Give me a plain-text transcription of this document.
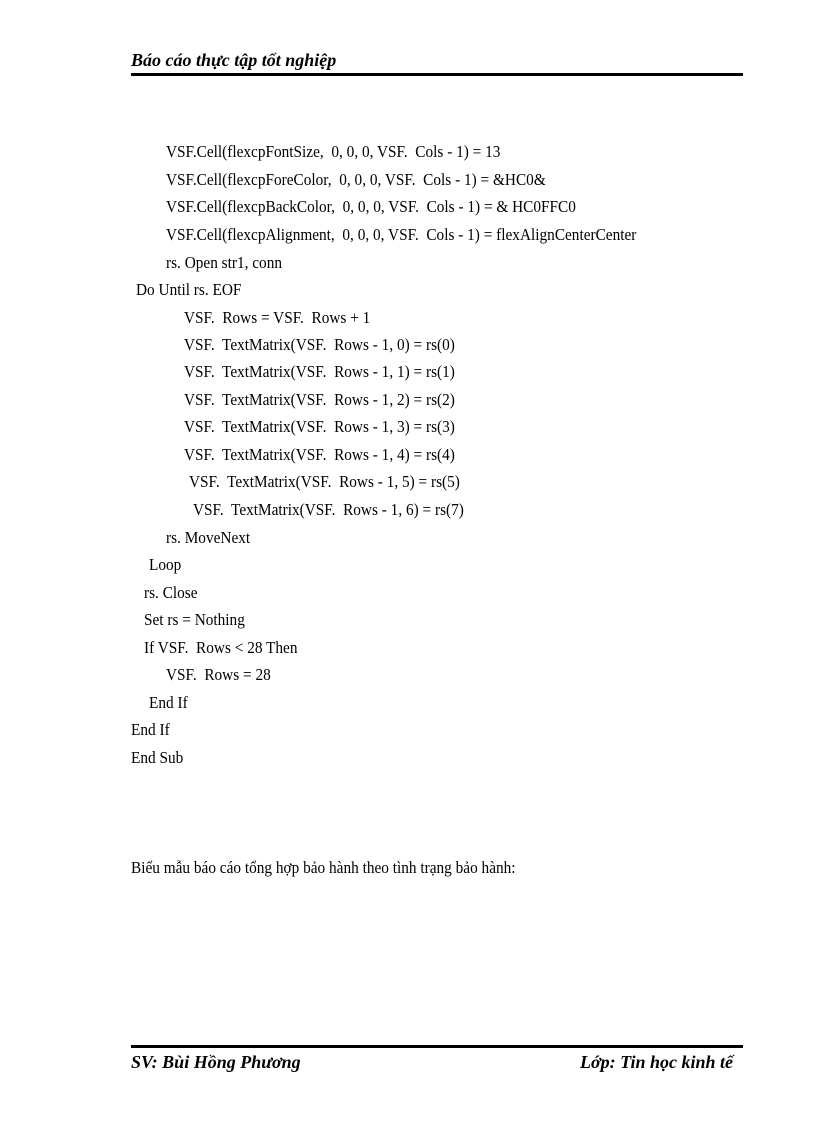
Báo cáo thực tập tốt nghiệp
VSF.Cell(flexcpFontSize,  0, 0, 0, VSF.  Cols - 1) = 13
VSF.Cell(flexcpForeColor,  0, 0, 0, VSF.  Cols - 1) = &HC0&
VSF.Cell(flexcpBackColor,  0, 0, 0, VSF.  Cols - 1) = & HC0FFC0
VSF.Cell(flexcpAlignment,  0, 0, 0, VSF.  Cols - 1) = flexAlignCenterCenter
rs. Open str1, conn
Do Until rs. EOF
VSF.  Rows = VSF.  Rows + 1
VSF.  TextMatrix(VSF.  Rows - 1, 0) = rs(0)
VSF.  TextMatrix(VSF.  Rows - 1, 1) = rs(1)
VSF.  TextMatrix(VSF.  Rows - 1, 2) = rs(2)
VSF.  TextMatrix(VSF.  Rows - 1, 3) = rs(3)
VSF.  TextMatrix(VSF.  Rows - 1, 4) = rs(4)
VSF.  TextMatrix(VSF.  Rows - 1, 5) = rs(5)
VSF.  TextMatrix(VSF.  Rows - 1, 6) = rs(7)
rs. MoveNext
Loop
rs. Close
Set rs = Nothing
If VSF.  Rows < 28 Then
VSF.  Rows = 28
End If
End If
End Sub
Biểu mẫu báo cáo tổng hợp bảo hành theo tình trạng bảo hành:
SV: Bùi Hồng Phương	Lớp: Tin học kinh tế
